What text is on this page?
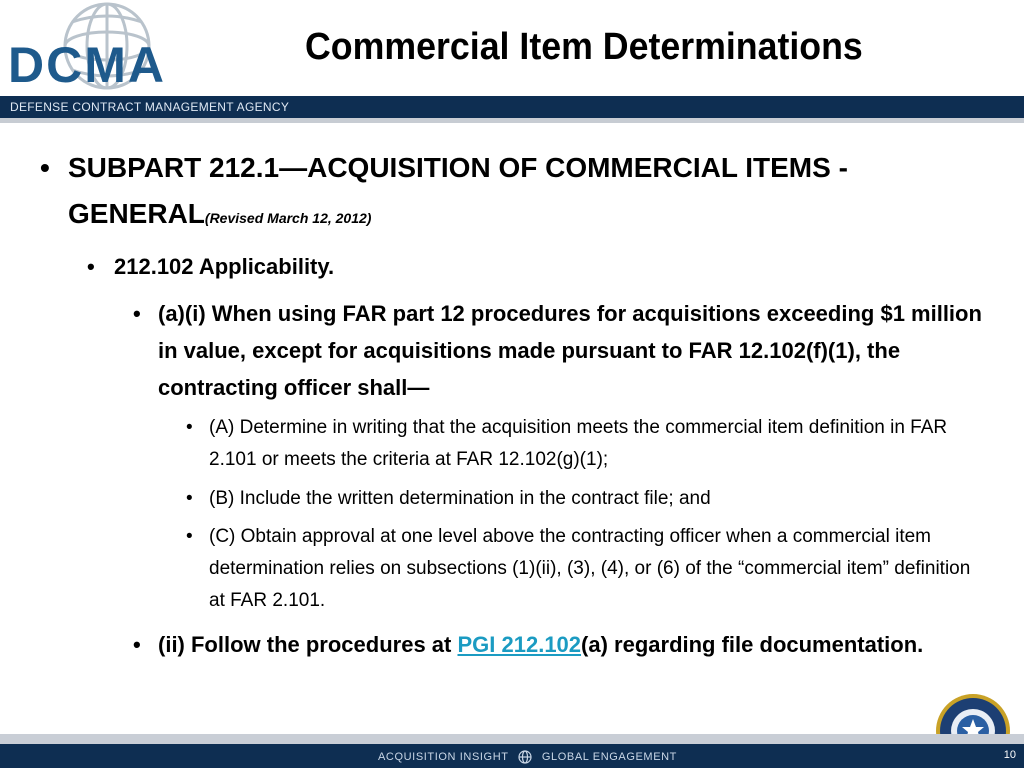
DCMA	Commercial Item Determinations
DEFENSE CONTRACT MANAGEMENT AGENCY
• SUBPART 212.1—ACQUISITION OF COMMERCIAL ITEMS - GENERAL(Revised March 12, 2012)
• 212.102 Applicability.
• (a)(i) When using FAR part 12 procedures for acquisitions exceeding $1 million in value, except for acquisitions made pursuant to FAR 12.102(f)(1), the contracting officer shall—
• (A) Determine in writing that the acquisition meets the commercial item definition in FAR 2.101 or meets the criteria at FAR 12.102(g)(1);
• (B) Include the written determination in the contract file; and
• (C) Obtain approval at one level above the contracting officer when a commercial item determination relies on subsections (1)(ii), (3), (4), or (6) of the “commercial item” definition at FAR 2.101.
• (ii) Follow the procedures at PGI 212.102(a) regarding file documentation.
ACQUISITION INSIGHT	GLOBAL ENGAGEMENT	10
